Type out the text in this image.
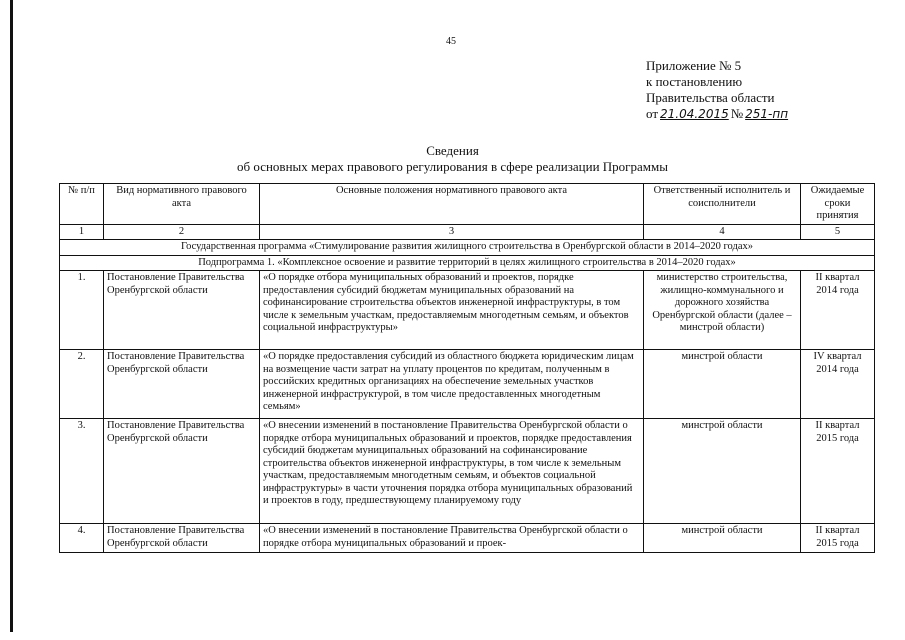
45
Приложение № 5
к постановлению
Правительства области
от 21.04.2015 № 251-пп
Сведения
об основных мерах правового регулирования в сфере реализации Программы
№ п/п	Вид нормативного правового акта	Основные положения нормативного правового акта	Ответственный исполнитель и соисполнители	Ожидаемые сроки принятия
1	2	3	4	5
Государственная программа «Стимулирование развития жилищного строительства в Оренбургской области в 2014–2020 годах»				
Подпрограмма 1. «Комплексное освоение и развитие территорий в целях жилищного строительства в 2014–2020 годах»				
1.	Постановление Правительства Оренбургской области	«О порядке отбора муниципальных образований и проектов, порядке предоставления субсидий бюджетам муниципальных образований на софинансирование строительства объектов инженерной инфраструктуры, в том числе к земельным участкам, предоставляемым многодетным семьям, и объектов социальной инфраструктуры»	министерство строительства, жилищно-коммунального и дорожного хозяйства Оренбургской области (далее – минстрой области)	II квартал 2014 года
2.	Постановление Правительства Оренбургской области	«О порядке предоставления субсидий из областного бюджета юридическим лицам на возмещение части затрат на уплату процентов по кредитам, полученным в российских кредитных организациях на обеспечение земельных участков инженерной инфраструктурой, в том числе предоставленных многодетным семьям»	минстрой области	IV квартал 2014 года
3.	Постановление Правительства Оренбургской области	«О внесении изменений в постановление Правительства Оренбургской области о порядке отбора муниципальных образований и проектов, порядке предоставления субсидий бюджетам муниципальных образований на софинансирование строительства объектов инженерной инфраструктуры, в том числе к земельным участкам, предоставляемым многодетным семьям, и объектов социальной инфраструктуры» в части уточнения порядка отбора муниципальных образований и проектов в году, предшествующему планируемому году	минстрой области	II квартал 2015 года
4.	Постановление Правительства Оренбургской области	«О внесении изменений в постановление Правительства Оренбургской области о порядке отбора муниципальных образований и проек-	минстрой области	II квартал 2015 года
